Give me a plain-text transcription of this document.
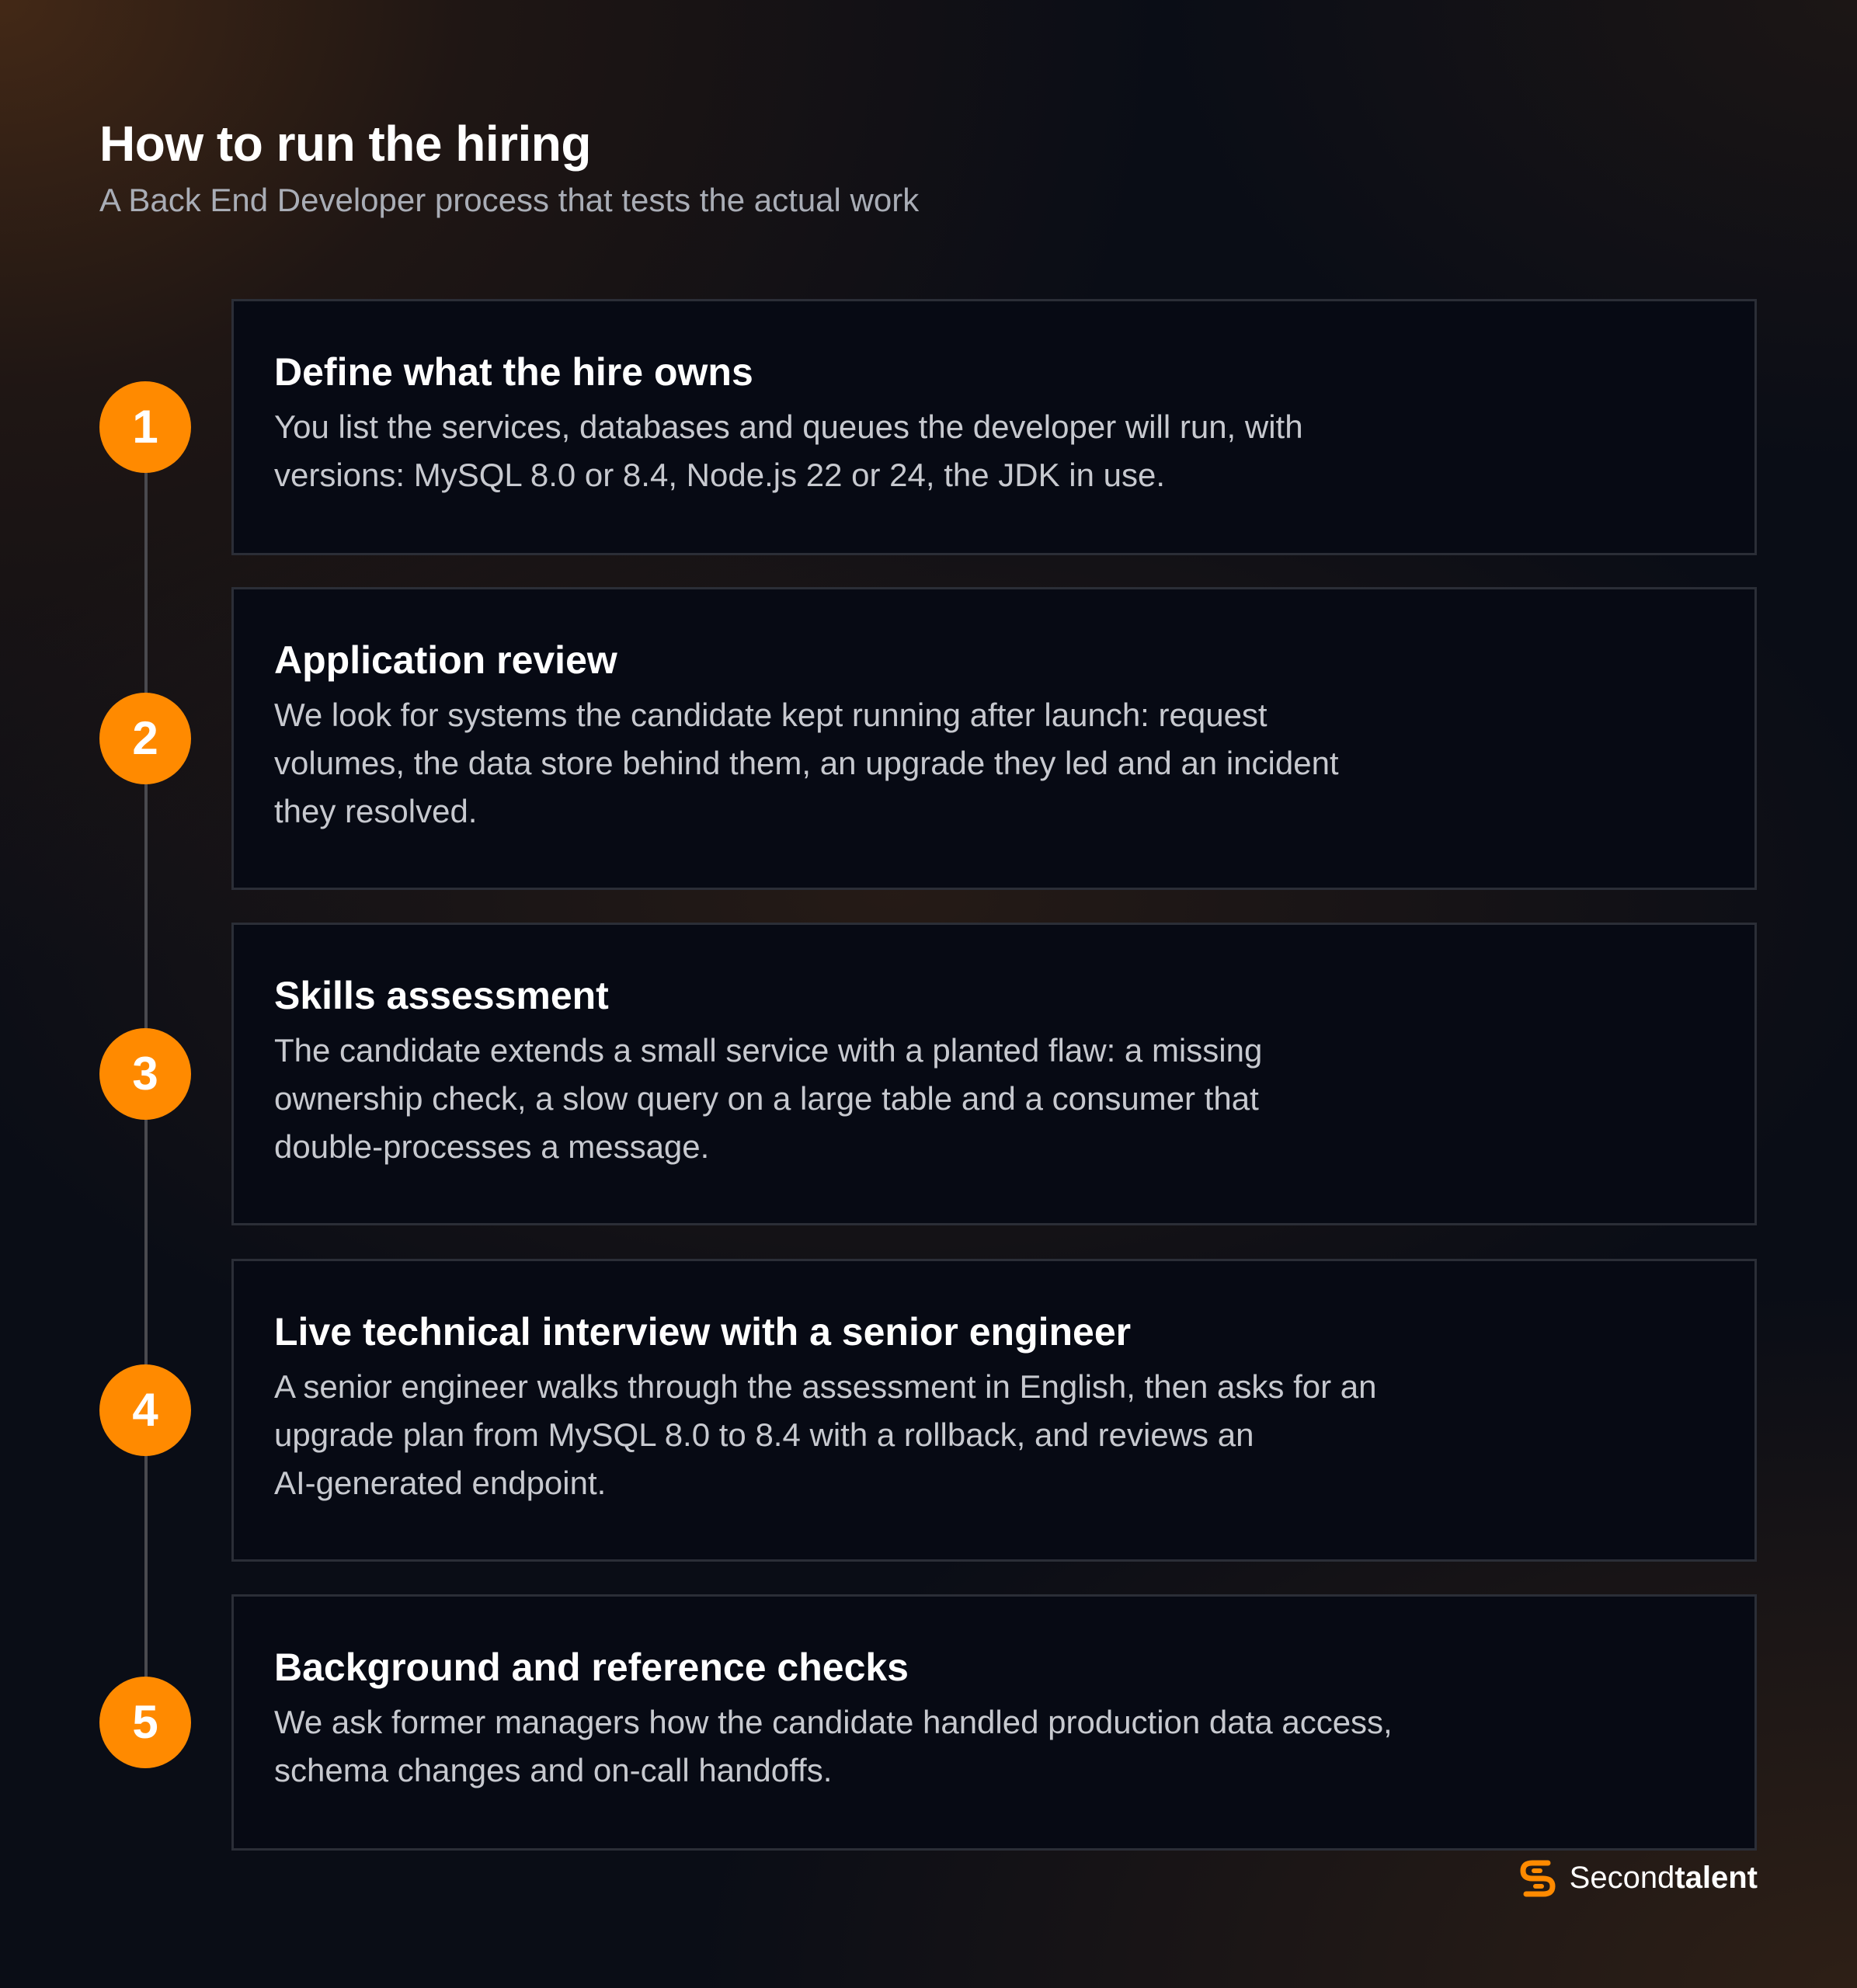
How to run the hiring
A Back End Developer process that tests the actual work
1
Define what the hire owns
You list the services, databases and queues the developer will run, with
versions: MySQL 8.0 or 8.4, Node.js 22 or 24, the JDK in use.
2
Application review
We look for systems the candidate kept running after launch: request
volumes, the data store behind them, an upgrade they led and an incident
they resolved.
3
Skills assessment
The candidate extends a small service with a planted flaw: a missing
ownership check, a slow query on a large table and a consumer that
double-processes a message.
4
Live technical interview with a senior engineer
A senior engineer walks through the assessment in English, then asks for an
upgrade plan from MySQL 8.0 to 8.4 with a rollback, and reviews an
AI-generated endpoint.
5
Background and reference checks
We ask former managers how the candidate handled production data access,
schema changes and on-call handoffs.
Secondtalent
